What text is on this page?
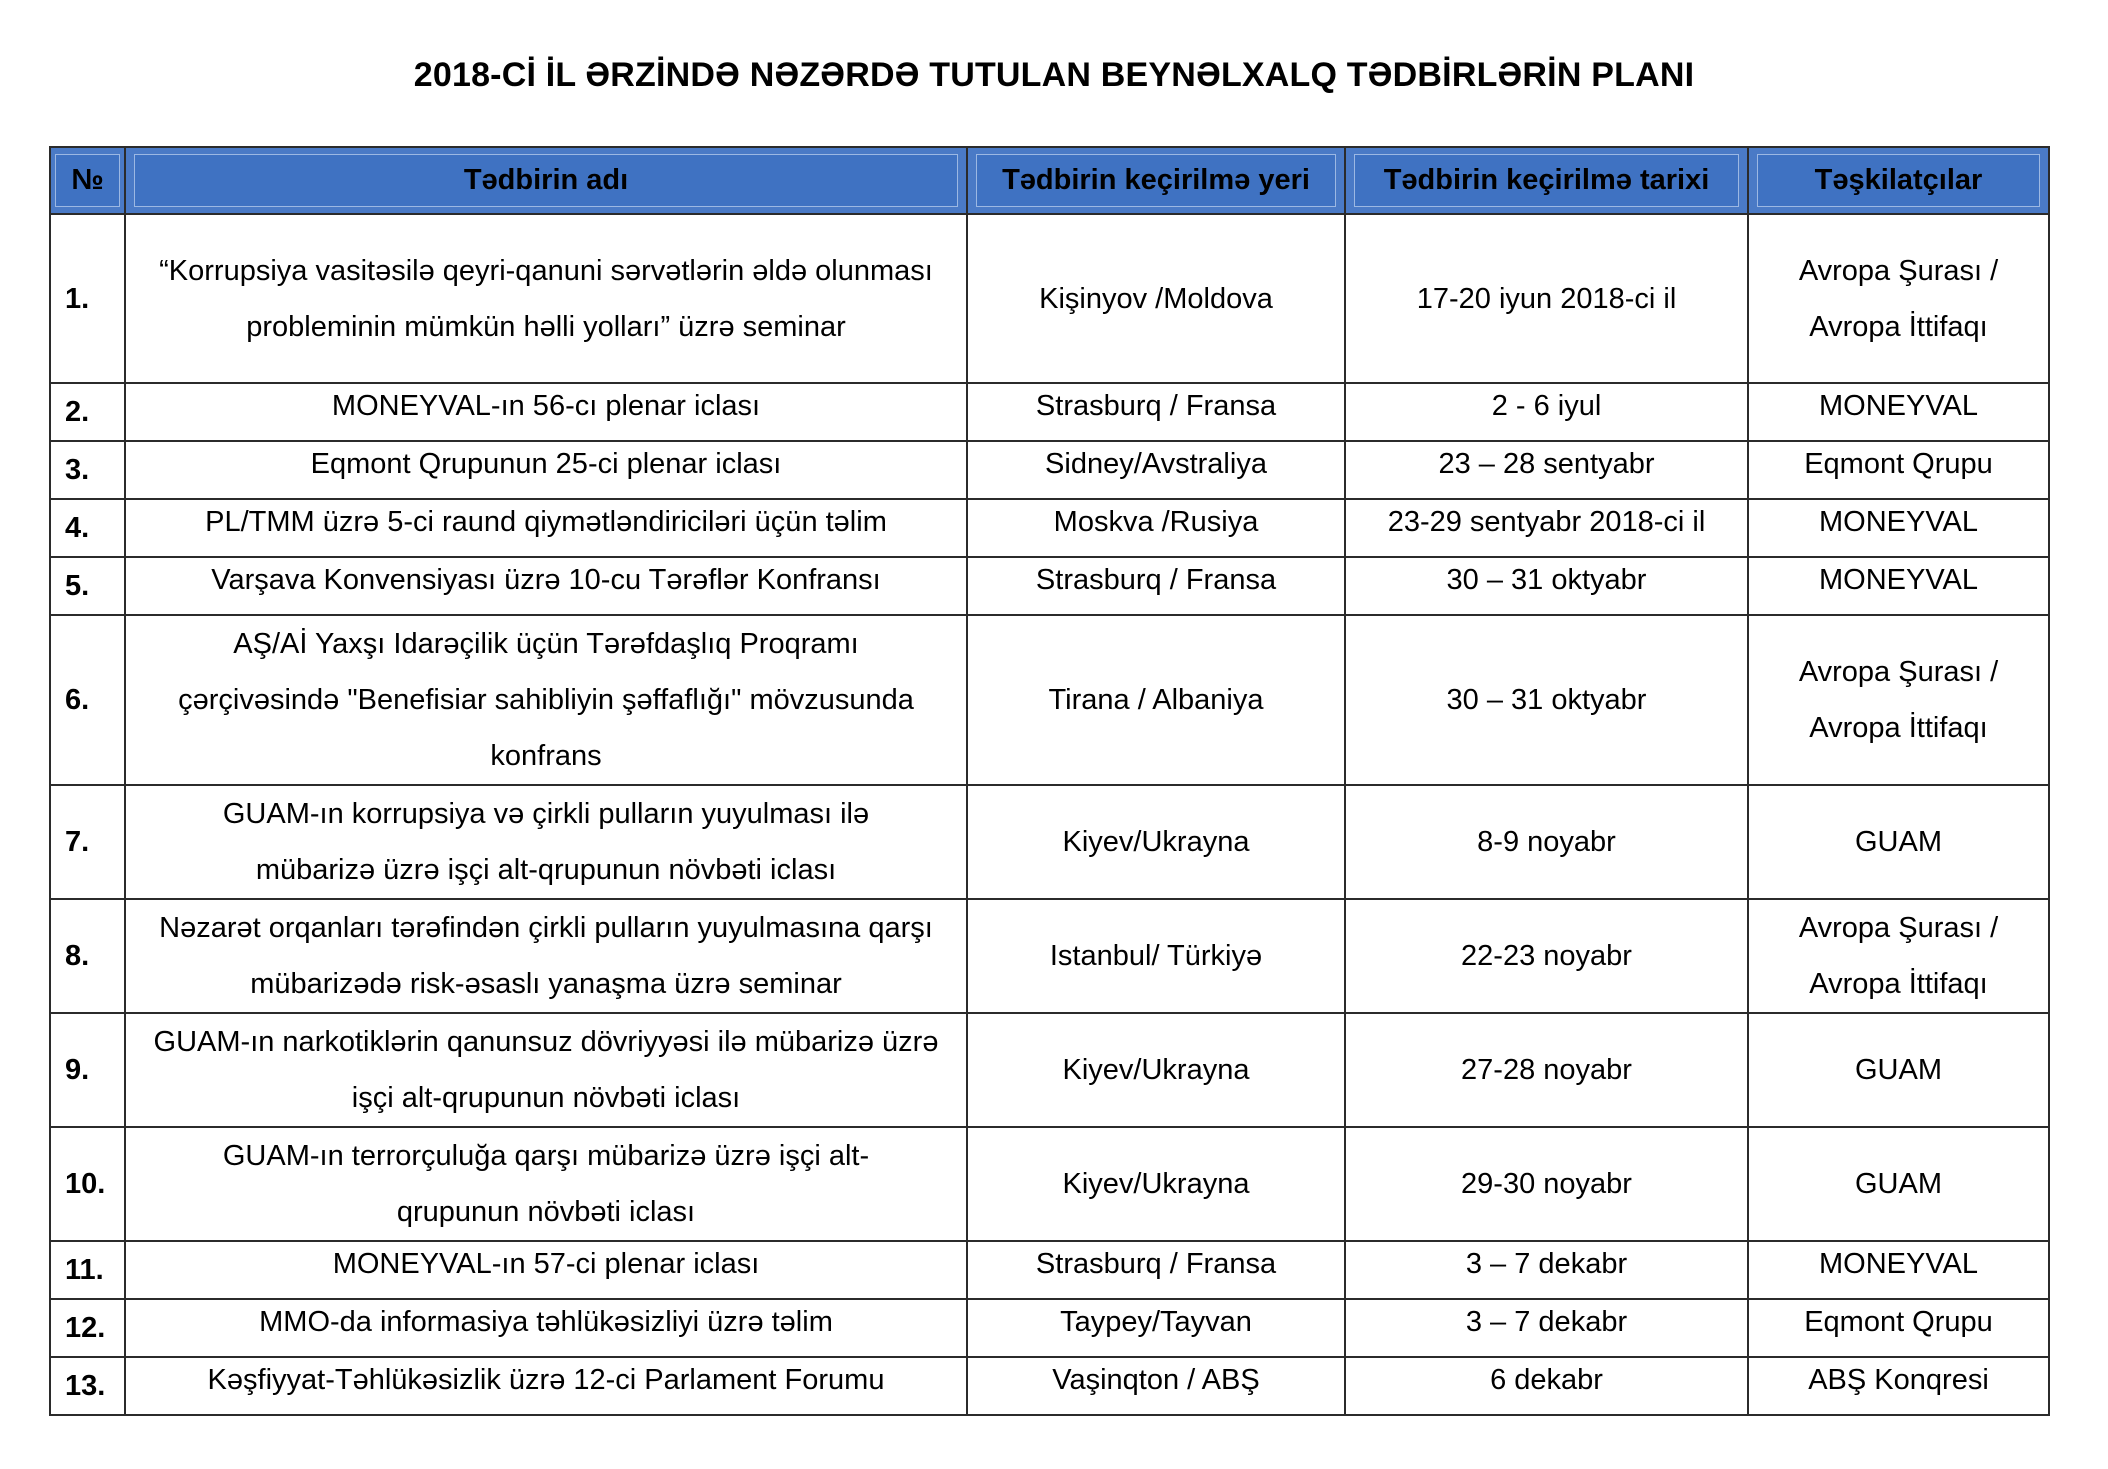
2018-Cİ İL ƏRZİNDƏ NƏZƏRDƏ TUTULAN BEYNƏLXALQ TƏDBİRLƏRİN PLANI
№	Tədbirin adı	Tədbirin keçirilmə yeri	Tədbirin keçirilmə tarixi	Təşkilatçılar

1.	“Korrupsiya vasitəsilə qeyri-qanuni sərvətlərin əldə olunması probleminin mümkün həlli yolları” üzrə seminar	Kişinyov /Moldova	17-20 iyun 2018-ci il	Avropa Şurası / Avropa İttifaqı

2.	MONEYVAL-ın 56-cı plenar iclası	Strasburq / Fransa	2 - 6 iyul	MONEYVAL
3.	Eqmont Qrupunun 25-ci plenar iclası	Sidney/Avstraliya	23 – 28 sentyabr	Eqmont Qrupu
4.	PL/TMM üzrə 5-ci raund qiymətləndiriciləri üçün təlim	Moskva /Rusiya	23-29 sentyabr 2018-ci il	MONEYVAL
5.	Varşava Konvensiyası üzrə 10-cu Tərəflər Konfransı	Strasburq / Fransa	30 – 31 oktyabr	MONEYVAL
6.	AŞ/Aİ Yaxşı Idarəçilik üçün Tərəfdaşlıq Proqramı çərçivəsində "Benefisiar sahibliyin şəffaflığı" mövzusunda konfrans	Tirana / Albaniya	30 – 31 oktyabr	Avropa Şurası / Avropa İttifaqı

7.	GUAM-ın korrupsiya və çirkli pulların yuyulması ilə mübarizə üzrə işçi alt-qrupunun növbəti iclası	Kiyev/Ukrayna	8-9 noyabr	GUAM
8.	Nəzarət orqanları tərəfindən çirkli pulların yuyulmasına qarşı mübarizədə risk-əsaslı yanaşma üzrə seminar	Istanbul/ Türkiyə	22-23 noyabr	Avropa Şurası / Avropa İttifaqı

9.	GUAM-ın narkotiklərin qanunsuz dövriyyəsi ilə mübarizə üzrə işçi alt-qrupunun növbəti iclası	Kiyev/Ukrayna	27-28 noyabr	GUAM
10.	GUAM-ın terrorçuluğa qarşı mübarizə üzrə işçi alt-qrupunun növbəti iclası	Kiyev/Ukrayna	29-30 noyabr	GUAM
11.	MONEYVAL-ın 57-ci plenar iclası	Strasburq / Fransa	3 – 7 dekabr	MONEYVAL
12.	MMO-da informasiya təhlükəsizliyi üzrə təlim	Taypey/Tayvan	3 – 7 dekabr	Eqmont Qrupu
13.	Kəşfiyyat-Təhlükəsizlik üzrə 12-ci Parlament Forumu	Vaşinqton / ABŞ	6 dekabr	ABŞ Konqresi
